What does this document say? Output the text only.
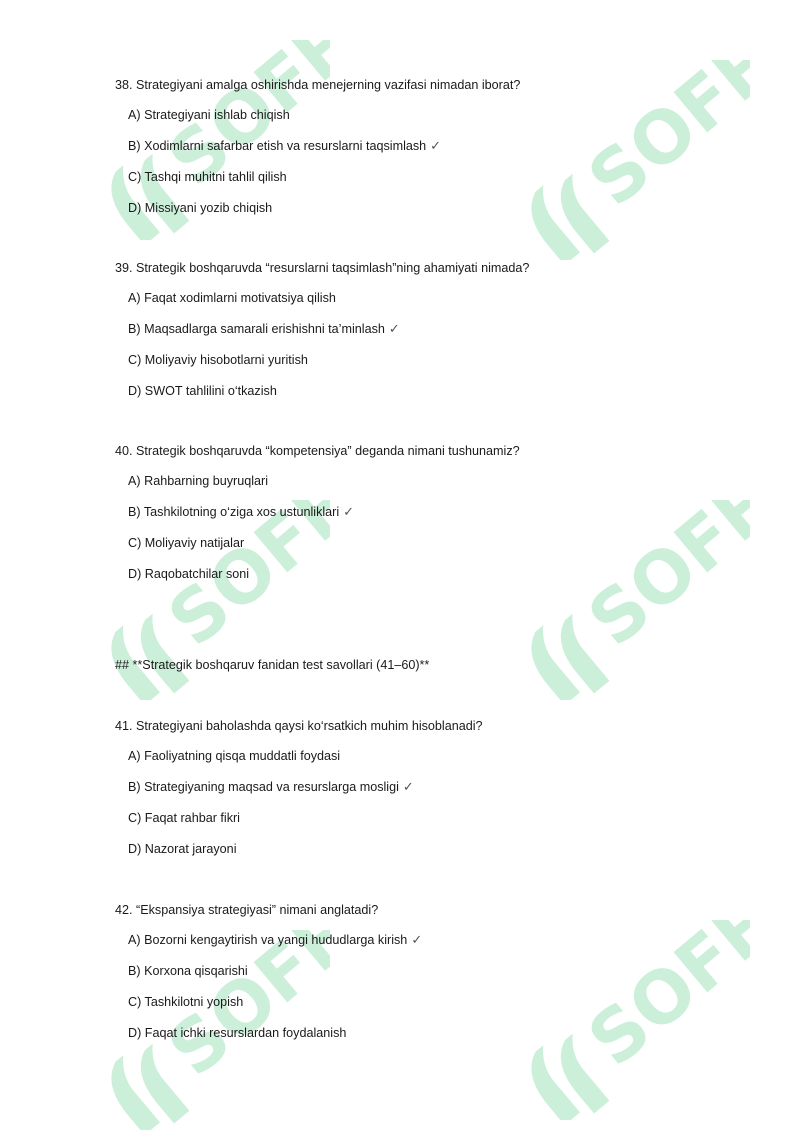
SOFF	SOFF
SOFF	SOFF
SOFF	SOFF

38. Strategiyani amalga oshirishda menejerning vazifasi nimadan iborat?

A) Strategiyani ishlab chiqish

B) Xodimlarni safarbar etish va resurslarni taqsimlash ✓

C) Tashqi muhitni tahlil qilish

D) Missiyani yozib chiqish

39. Strategik boshqaruvda “resurslarni taqsimlash”ning ahamiyati nimada?

A) Faqat xodimlarni motivatsiya qilish

B) Maqsadlarga samarali erishishni ta’minlash ✓

C) Moliyaviy hisobotlarni yuritish

D) SWOT tahlilini o‘tkazish

40. Strategik boshqaruvda “kompetensiya” deganda nimani tushunamiz?

A) Rahbarning buyruqlari

B) Tashkilotning o‘ziga xos ustunliklari ✓

C) Moliyaviy natijalar

D) Raqobatchilar soni

## **Strategik boshqaruv fanidan test savollari (41–60)**

41. Strategiyani baholashda qaysi ko‘rsatkich muhim hisoblanadi?

A) Faoliyatning qisqa muddatli foydasi

B) Strategiyaning maqsad va resurslarga mosligi ✓

C) Faqat rahbar fikri

D) Nazorat jarayoni

42. “Ekspansiya strategiyasi” nimani anglatadi?

A) Bozorni kengaytirish va yangi hududlarga kirish ✓

B) Korxona qisqarishi

C) Tashkilotni yopish

D) Faqat ichki resurslardan foydalanish
